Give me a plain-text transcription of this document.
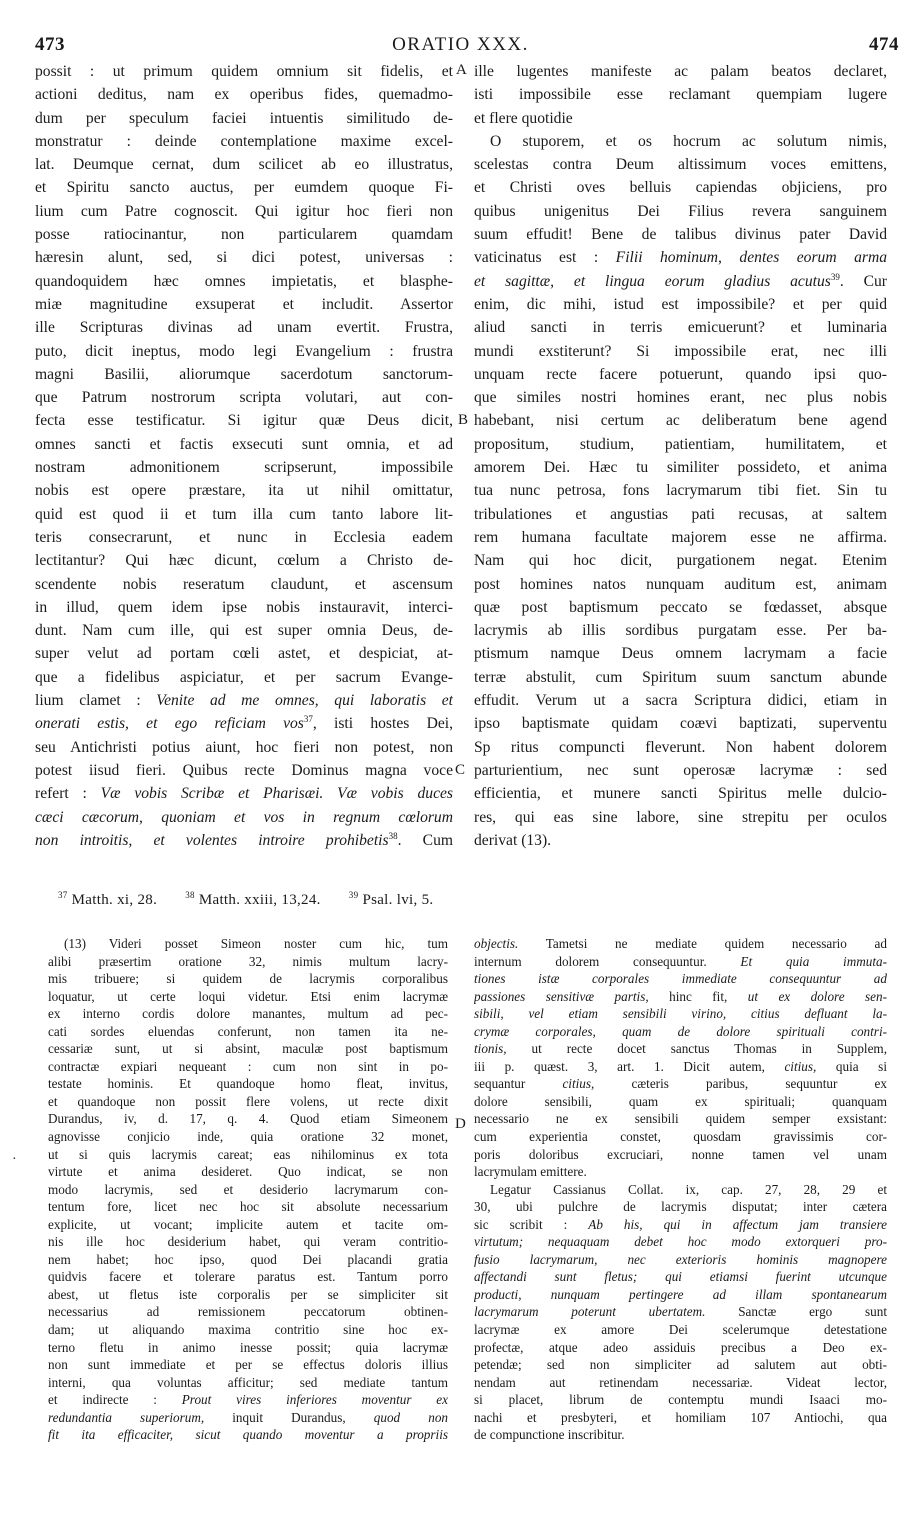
473	ORATIO XXX.	474
A
B
C
D
possit : ut primum quidem omnium sit fidelis, et
actioni deditus, nam ex operibus fides, quemadmo-
dum per speculum faciei intuentis similitudo de-
monstratur : deinde contemplatione maxime excel-
lat. Deumque cernat, dum scilicet ab eo illustratus,
et Spiritu sancto auctus, per eumdem quoque Fi-
lium cum Patre cognoscit. Qui igitur hoc fieri non
posse ratiocinantur, non particularem quamdam
hæresin alunt, sed, si dici potest, universas :
quandoquidem hæc omnes impietatis, et blasphe-
miæ magnitudine exsuperat et includit. Assertor
ille Scripturas divinas ad unam evertit. Frustra,
puto, dicit ineptus, modo legi Evangelium : frustra
magni Basilii, aliorumque sacerdotum sanctorum-
que Patrum nostrorum scripta volutari, aut con-
fecta esse testificatur. Si igitur quæ Deus dicit,
omnes sancti et factis exsecuti sunt omnia, et ad
nostram admonitionem scripserunt, impossibile
nobis est opere præstare, ita ut nihil omittatur,
quid est quod ii et tum illa cum tanto labore lit-
teris consecrarunt, et nunc in Ecclesia eadem
lectitantur? Qui hæc dicunt, cœlum a Christo de-
scendente nobis reseratum claudunt, et ascensum
in illud, quem idem ipse nobis instauravit, interci-
dunt. Nam cum ille, qui est super omnia Deus, de-
super velut ad portam cœli astet, et despiciat, at-
que a fidelibus aspiciatur, et per sacrum Evange-
lium clamet : Venite ad me omnes, qui laboratis et
onerati estis, et ego reficiam vos$^{37}$, isti hostes Dei,
seu Antichristi potius aiunt, hoc fieri non potest, non
potest iisud fieri. Quibus recte Dominus magna voce
refert : Væ vobis Scribæ et Pharisæi. Væ vobis duces
cæci cæcorum, quoniam et vos in regnum cœlorum
non introitis, et volentes introire prohibetis$^{38}$. Cum
ille lugentes manifeste ac palam beatos declaret,
isti impossibile esse reclamant quempiam lugere
et flere quotidie
O stuporem, et os hocrum ac solutum nimis,
scelestas contra Deum altissimum voces emittens,
et Christi oves belluis capiendas objiciens, pro
quibus unigenitus Dei Filius revera sanguinem
suum effudit! Bene de talibus divinus pater David
vaticinatus est : Filii hominum, dentes eorum arma
et sagittæ, et lingua eorum gladius acutus$^{39}$. Cur
enim, dic mihi, istud est impossibile? et per quid
aliud sancti in terris emicuerunt? et luminaria
mundi exstiterunt? Si impossibile erat, nec illi
unquam recte facere potuerunt, quando ipsi quo-
que similes nostri homines erant, nec plus nobis
habebant, nisi certum ac deliberatum bene agend
propositum, studium, patientiam, humilitatem, et
amorem Dei. Hæc tu similiter possideto, et anima
tua nunc petrosa, fons lacrymarum tibi fiet. Sin tu
tribulationes et angustias pati recusas, at saltem
rem humana facultate majorem esse ne affirma.
Nam qui hoc dicit, purgationem negat. Etenim
post homines natos nunquam auditum est, animam
quæ post baptismum peccato se fœdasset, absque
lacrymis ab illis sordibus purgatam esse. Per ba-
ptismum namque Deus omnem lacrymam a facie
terræ abstulit, cum Spiritum suum sanctum abunde
effudit. Verum ut a sacra Scriptura didici, etiam in
ipso baptismate quidam coævi baptizati, superventu
Sp ritus compuncti fleverunt. Non habent dolorem
parturientium, nec sunt operosæ lacrymæ : sed
efficientia, et munere sancti Spiritus melle dulcio-
res, qui eas sine labore, sine strepitu per oculos
derivat (13).
$^{37}$ Matth. xi, 28.	$^{38}$ Matth. xxiii, 13,24.	$^{39}$ Psal. lvi, 5.
·
(13) Videri posset Simeon noster cum hic, tum
alibi præsertim oratione 32, nimis multum lacry-
mis tribuere; si quidem de lacrymis corporalibus
loquatur, ut certe loqui videtur. Etsi enim lacrymæ
ex interno cordis dolore manantes, multum ad pec-
cati sordes eluendas conferunt, non tamen ita ne-
cessariæ sunt, ut si absint, maculæ post baptismum
contractæ expiari nequeant : cum non sint in po-
testate hominis. Et quandoque homo fleat, invitus,
et quandoque non possit flere volens, ut recte dixit
Durandus, iv, d. 17, q. 4. Quod etiam Simeonem
agnovisse conjicio inde, quia oratione 32 monet,
ut si quis lacrymis careat; eas nihilominus ex tota
virtute et anima desideret. Quo indicat, se non
modo lacrymis, sed et desiderio lacrymarum con-
tentum fore, licet nec hoc sit absolute necessarium
explicite, ut vocant; implicite autem et tacite om-
nis ille hoc desiderium habet, qui veram contritio-
nem habet; hoc ipso, quod Dei placandi gratia
quidvis facere et tolerare paratus est. Tantum porro
abest, ut fletus iste corporalis per se simpliciter sit
necessarius ad remissionem peccatorum obtinen-
dam; ut aliquando maxima contritio sine hoc ex-
terno fletu in animo inesse possit; quia lacrymæ
non sunt immediate et per se effectus doloris illius
interni, qua voluntas afficitur; sed mediate tantum
et indirecte : Prout vires inferiores moventur ex
redundantia superiorum, inquit Durandus, quod non
fit ita efficaciter, sicut quando moventur a propriis
objectis. Tametsi ne mediate quidem necessario ad
internum dolorem consequuntur. Et quia immuta-
tiones istæ corporales immediate consequuntur ad
passiones sensitivæ partis, hinc fit, ut ex dolore sen-
sibili, vel etiam sensibili virino, citius defluant la-
crymæ corporales, quam de dolore spirituali contri-
tionis, ut recte docet sanctus Thomas in Supplem,
iii p. quæst. 3, art. 1. Dicit autem, citius, quia si
sequantur citius, cæteris paribus, sequuntur ex
dolore sensibili, quam ex spirituali; quanquam
necessario ne ex sensibili quidem semper exsistant:
cum experientia constet, quosdam gravissimis cor-
poris doloribus excruciari, nonne tamen vel unam
lacrymulam emittere.
Legatur Cassianus Collat. ix, cap. 27, 28, 29 et
30, ubi pulchre de lacrymis disputat; inter cætera
sic scribit : Ab his, qui in affectum jam transiere
virtutum; nequaquam debet hoc modo extorqueri pro-
fusio lacrymarum, nec exterioris hominis magnopere
affectandi sunt fletus; qui etiamsi fuerint utcunque
producti, nunquam pertingere ad illam spontanearum
lacrymarum poterunt ubertatem. Sanctæ ergo sunt
lacrymæ ex amore Dei scelerumque detestatione
profectæ, atque adeo assiduis precibus a Deo ex-
petendæ; sed non simpliciter ad salutem aut obti-
nendam aut retinendam necessariæ. Videat lector,
si placet, librum de contemptu mundi Isaaci mo-
nachi et presbyteri, et homiliam 107 Antiochi, qua
de compunctione inscribitur.
